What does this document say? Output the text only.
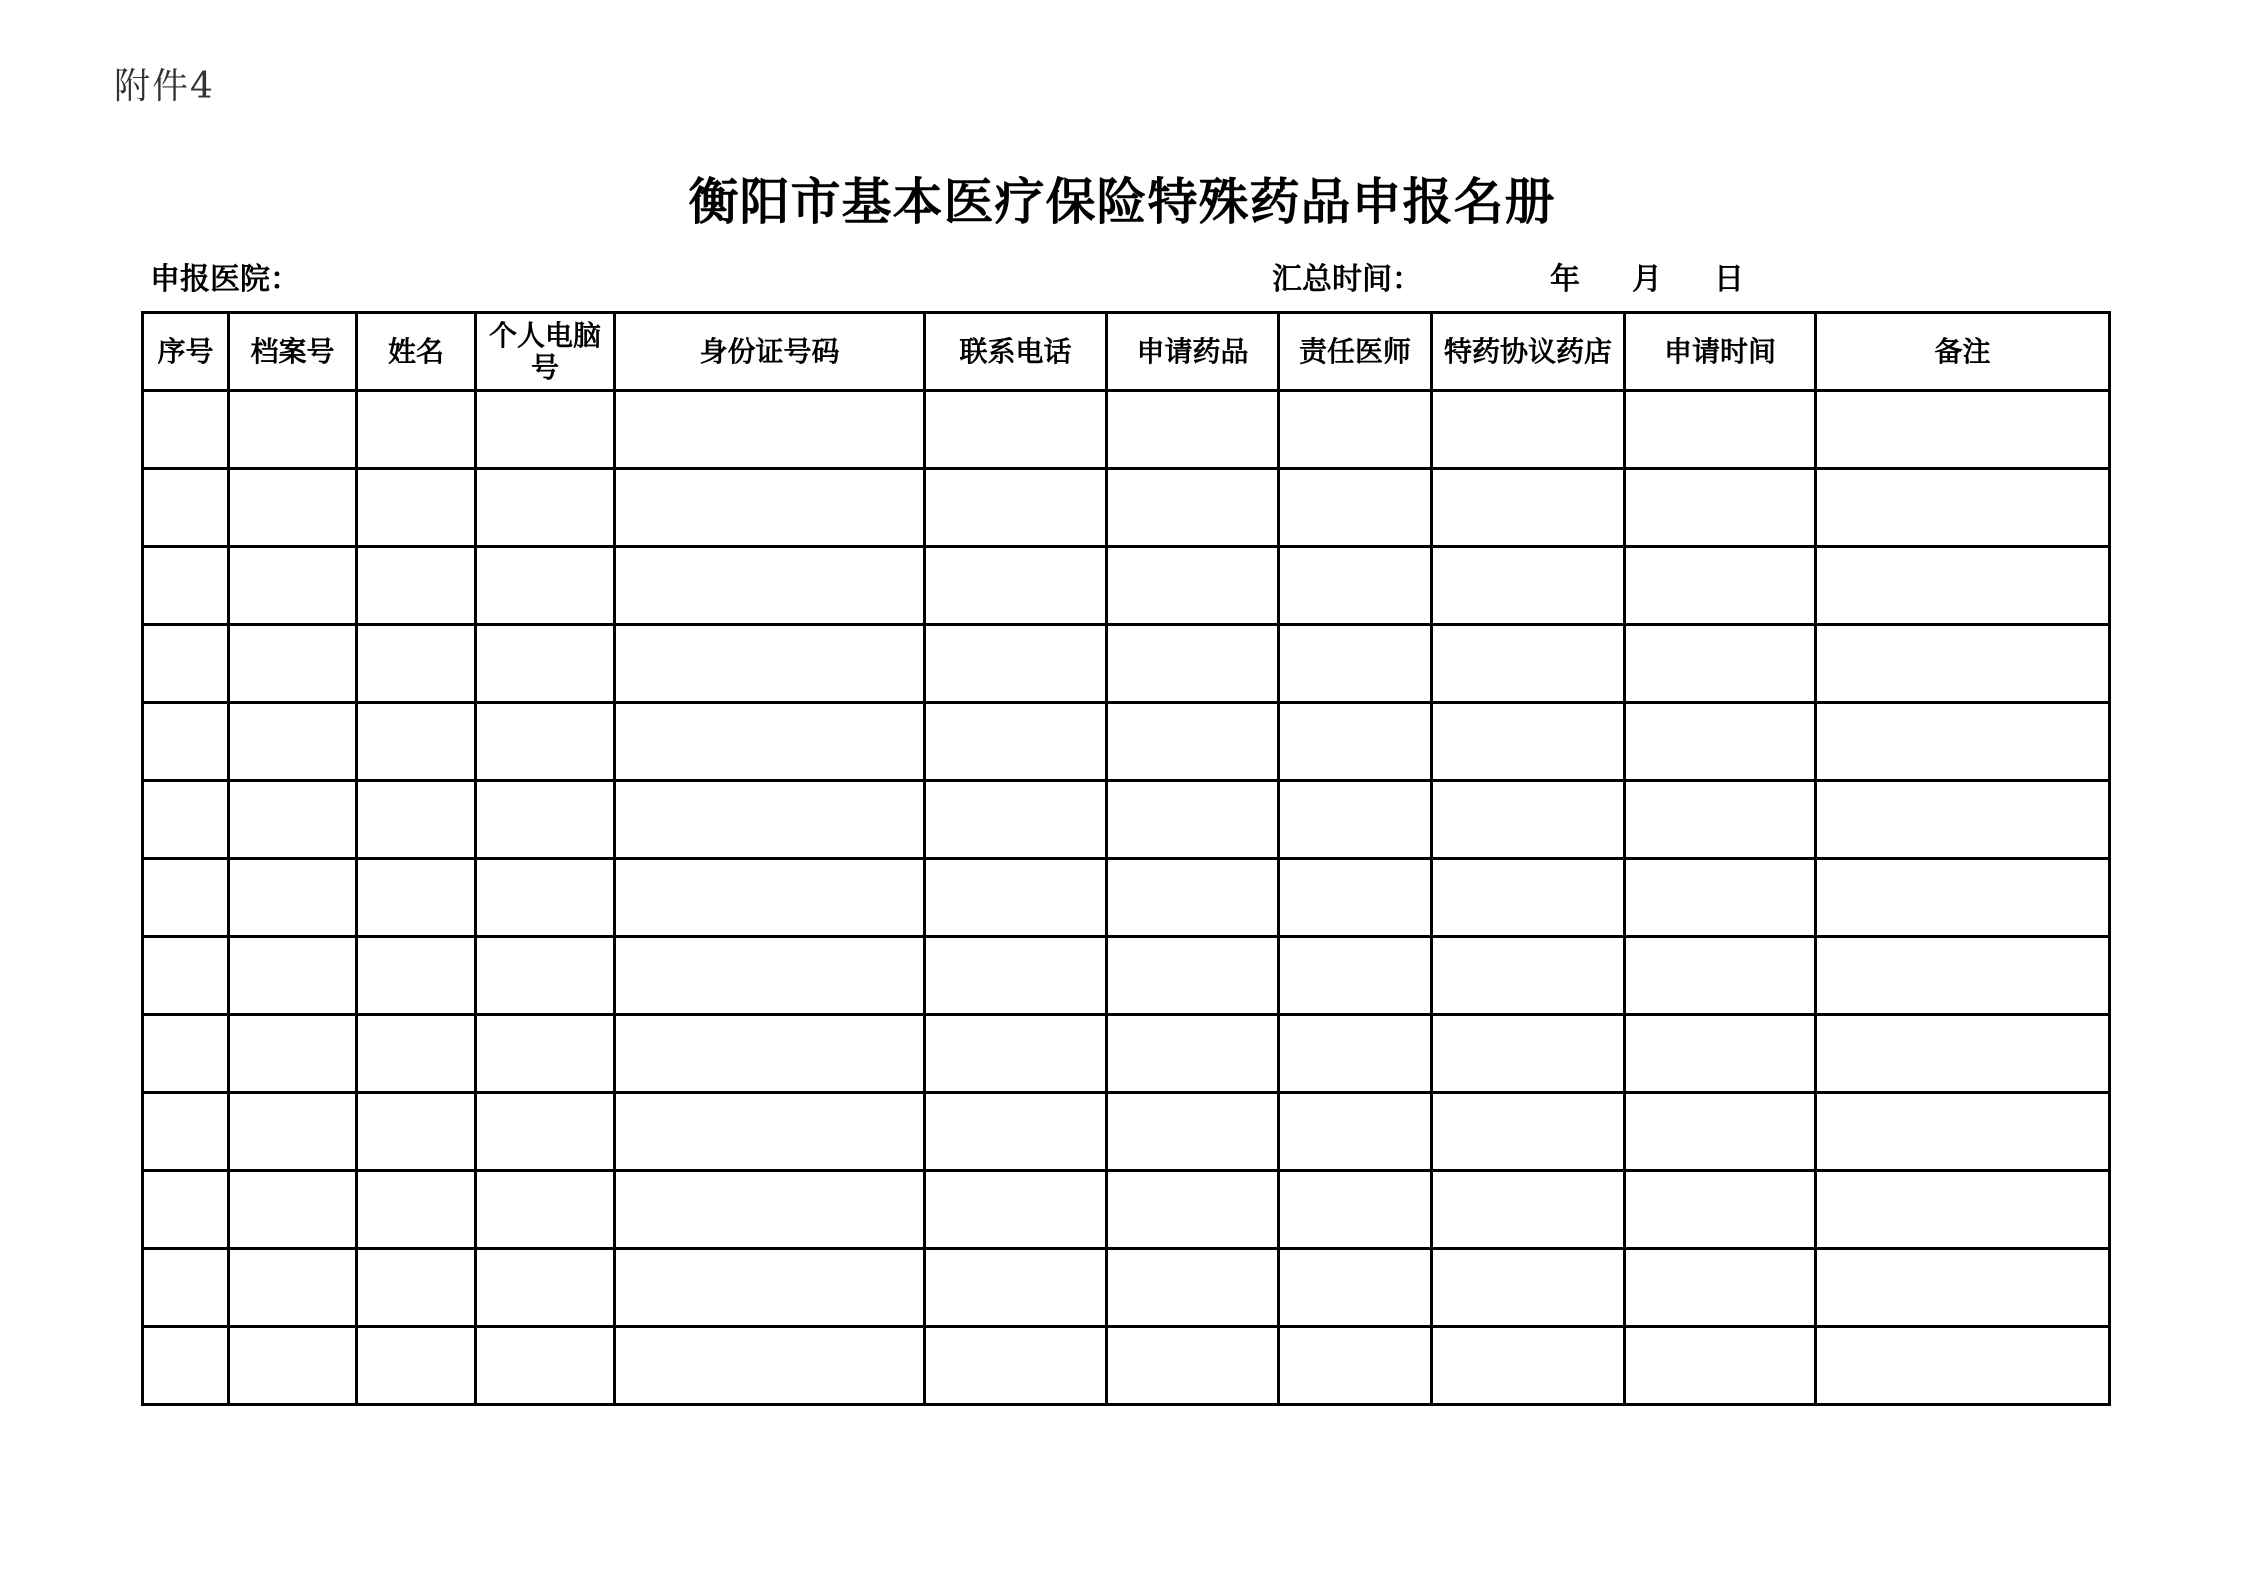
附件4
衡阳市基本医疗保险特殊药品申报名册
申报医院：	汇总时间：	年 月 日
序号	档案号	姓名	个人电脑号	身份证号码	联系电话	申请药品	责任医师	特药协议药店	申请时间	备注
